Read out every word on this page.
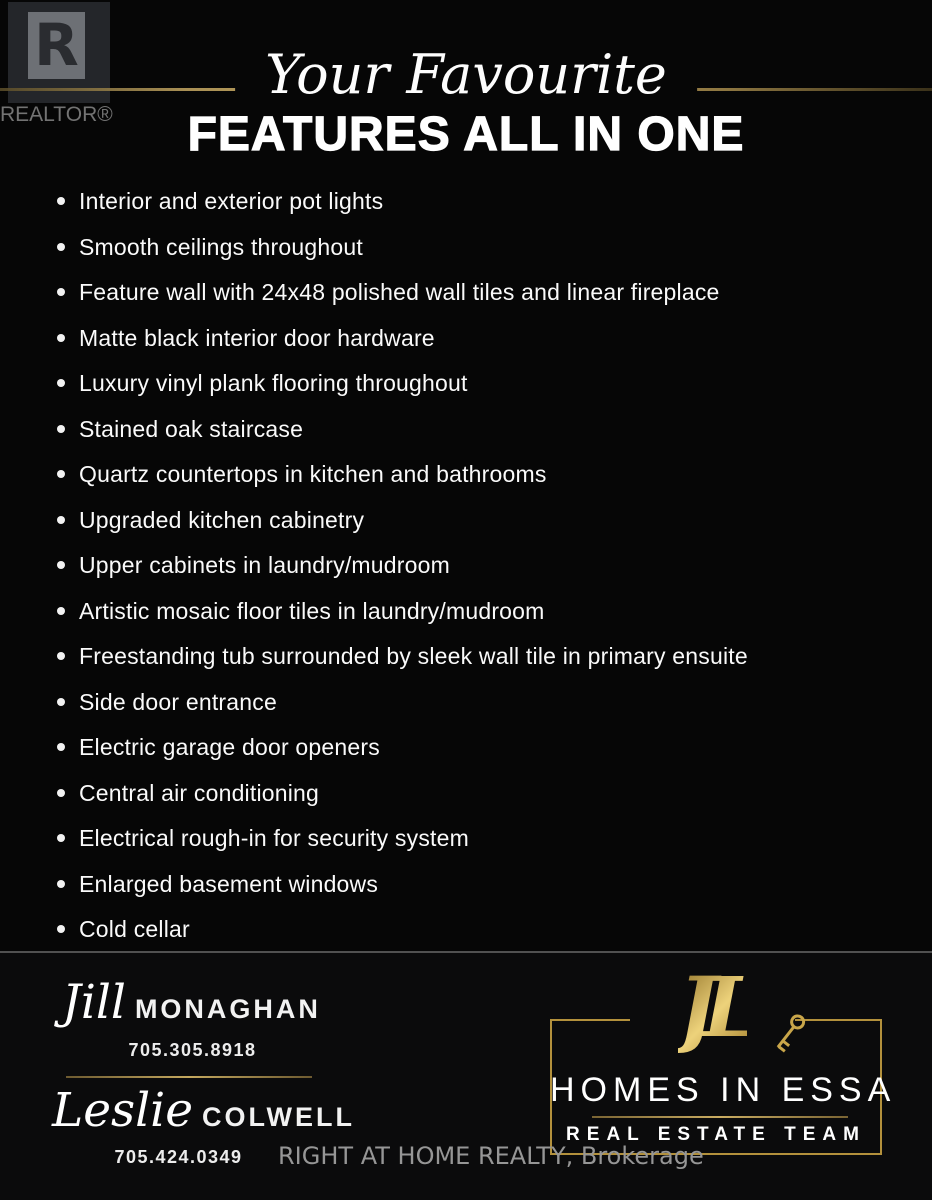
R
REALTOR®
Your Favourite
FEATURES ALL IN ONE
Interior and exterior pot lights
Smooth ceilings throughout
Feature wall with 24x48 polished wall tiles and linear fireplace
Matte black interior door hardware
Luxury vinyl plank flooring throughout
Stained oak staircase
Quartz countertops in kitchen and bathrooms
Upgraded kitchen cabinetry
Upper cabinets in laundry/mudroom
Artistic mosaic floor tiles in laundry/mudroom
Freestanding tub surrounded by sleek wall tile in primary ensuite
Side door entrance
Electric garage door openers
Central air conditioning
Electrical rough-in for security system
Enlarged basement windows
Cold cellar
Jill MONAGHAN
705.305.8918
Leslie COLWELL
705.424.0349
JL
HOMES IN ESSA
REAL ESTATE TEAM
RIGHT AT HOME REALTY, Brokerage
